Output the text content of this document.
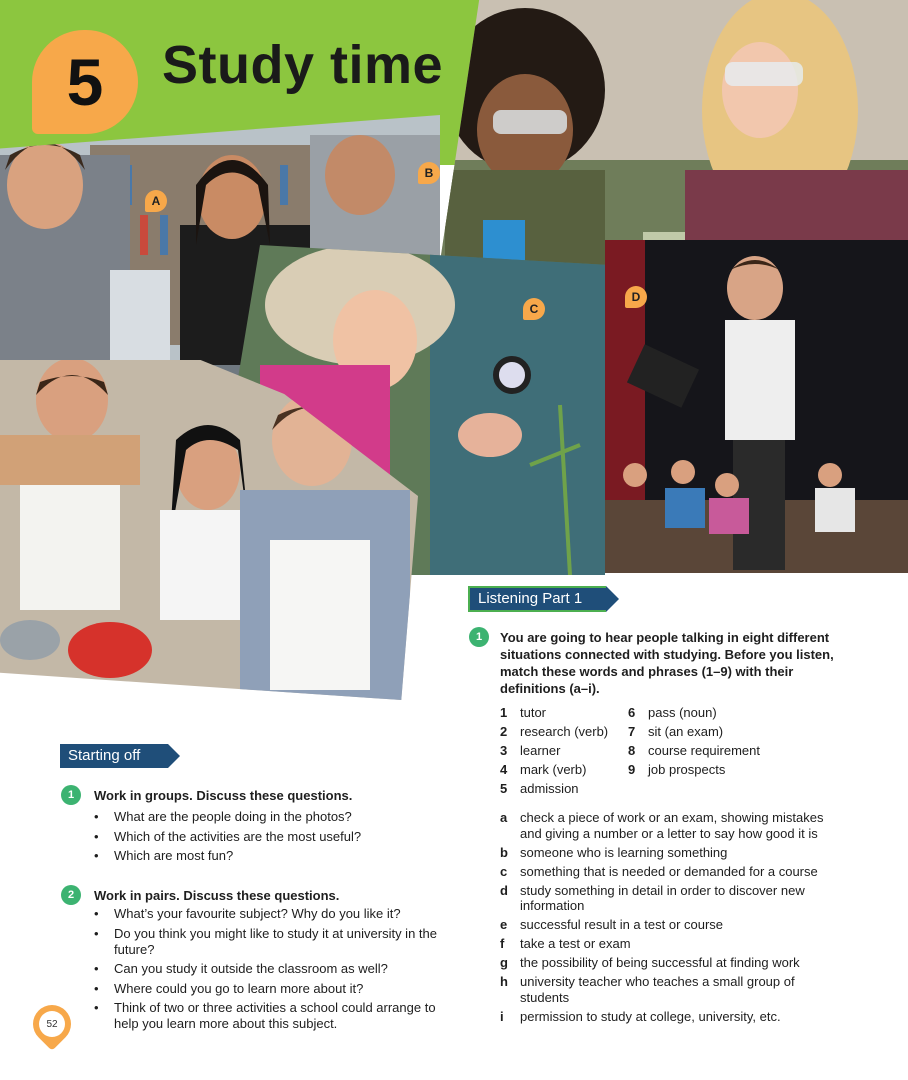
5 Study time
A
B
C
D
Starting off
1	Work in groups. Discuss these questions.
• What are the people doing in the photos?
• Which of the activities are the most useful?
• Which are most fun?
2	Work in pairs. Discuss these questions.
• What’s your favourite subject? Why do you like it?
• Do you think you might like to study it at university in the future?
• Can you study it outside the classroom as well?
• Where could you go to learn more about it?
• Think of two or three activities a school could arrange to help you learn more about this subject.
Listening Part 1
1	You are going to hear people talking in eight different situations connected with studying. Before you listen, match these words and phrases (1–9) with their definitions (a–i).
1 tutor
2 research (verb)
3 learner
4 mark (verb)
5 admission
6 pass (noun)
7 sit (an exam)
8 course requirement
9 job prospects
a check a piece of work or an exam, showing mistakes and giving a number or a letter to say how good it is
b someone who is learning something
c something that is needed or demanded for a course
d study something in detail in order to discover new information
e successful result in a test or course
f	take a test or exam
g the possibility of being successful at finding work
h university teacher who teaches a small group of students
i	permission to study at college, university, etc.
52
